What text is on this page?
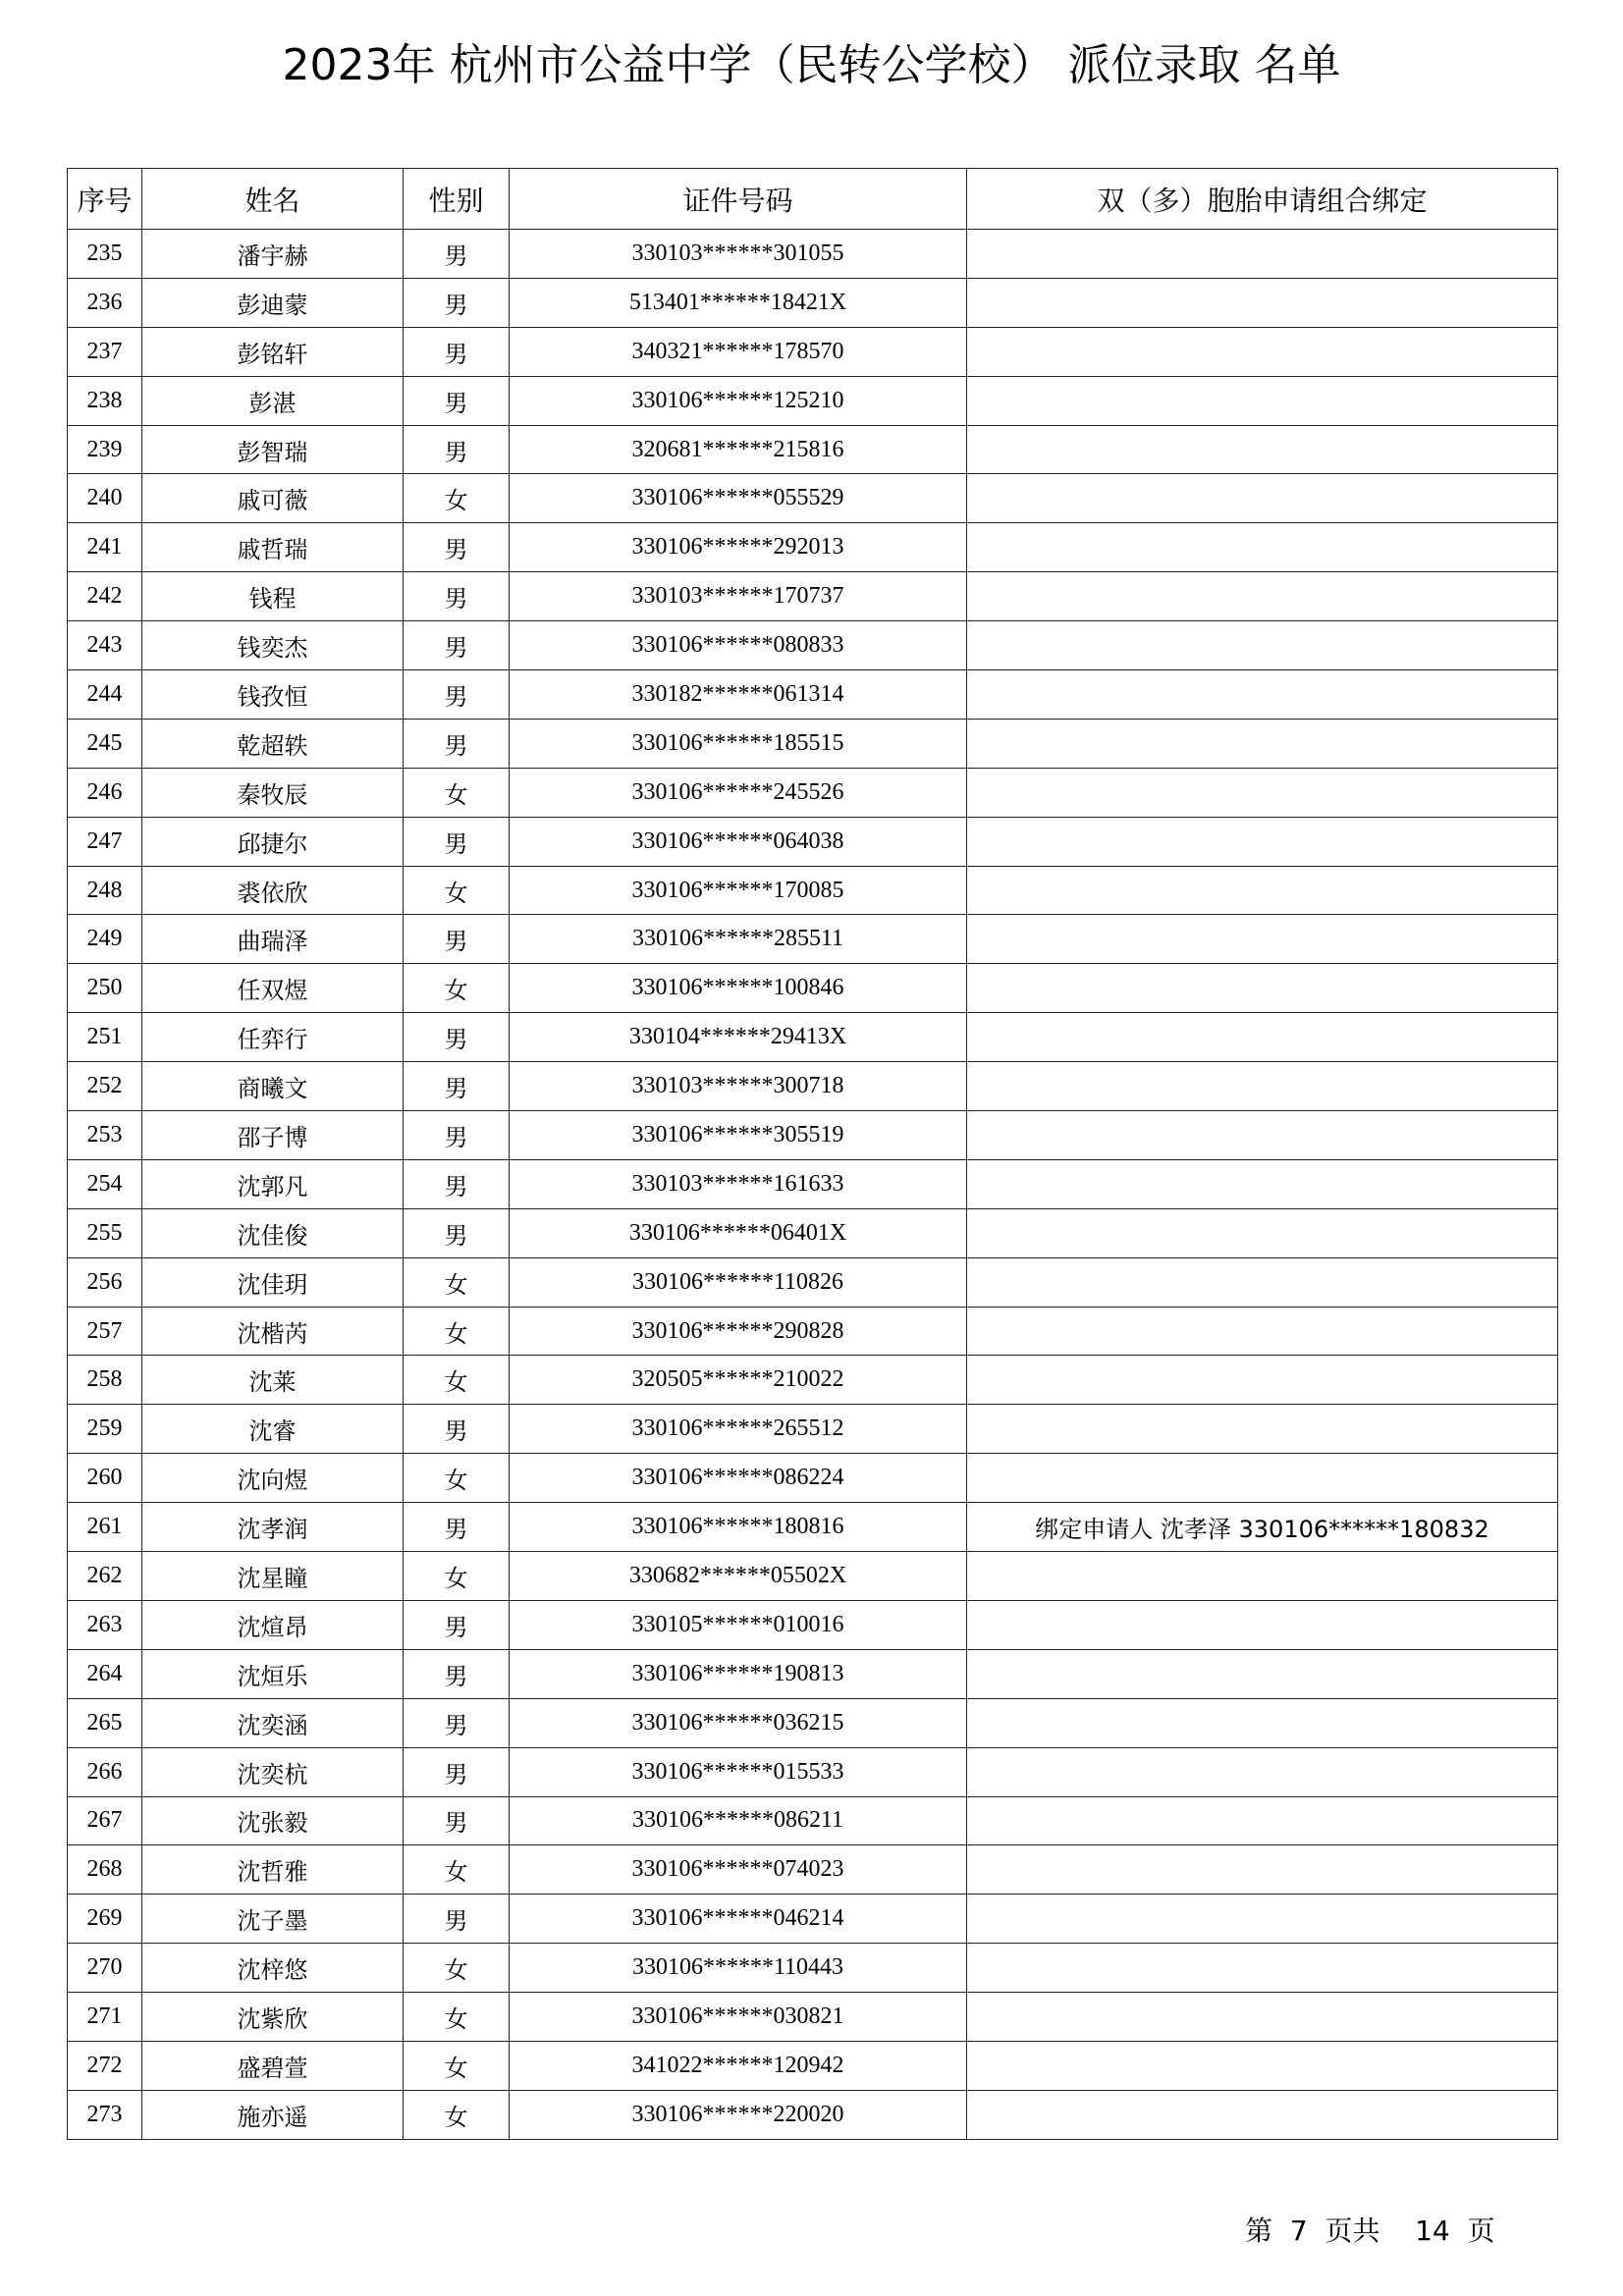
2023年 杭州市公益中学（民转公学校） 派位录取 名单
序号	姓名	性别	证件号码	双（多）胞胎申请组合绑定
235	潘宇赫	男	330103******301055	
236	彭迪蒙	男	513401******18421X	
237	彭铭轩	男	340321******178570	
238	彭湛	男	330106******125210	
239	彭智瑞	男	320681******215816	
240	戚可薇	女	330106******055529	
241	戚哲瑞	男	330106******292013	
242	钱程	男	330103******170737	
243	钱奕杰	男	330106******080833	
244	钱孜恒	男	330182******061314	
245	乾超轶	男	330106******185515	
246	秦牧辰	女	330106******245526	
247	邱捷尔	男	330106******064038	
248	裘依欣	女	330106******170085	
249	曲瑞泽	男	330106******285511	
250	任双煜	女	330106******100846	
251	任弈行	男	330104******29413X	
252	商曦文	男	330103******300718	
253	邵子博	男	330106******305519	
254	沈郭凡	男	330103******161633	
255	沈佳俊	男	330106******06401X	
256	沈佳玥	女	330106******110826	
257	沈楷芮	女	330106******290828	
258	沈莱	女	320505******210022	
259	沈睿	男	330106******265512	
260	沈向煜	女	330106******086224	
261	沈孝润	男	330106******180816	绑定申请人 沈孝泽 330106******180832
262	沈星瞳	女	330682******05502X	
263	沈煊昂	男	330105******010016	
264	沈烜乐	男	330106******190813	
265	沈奕涵	男	330106******036215	
266	沈奕杭	男	330106******015533	
267	沈张毅	男	330106******086211	
268	沈哲雅	女	330106******074023	
269	沈子墨	男	330106******046214	
270	沈梓悠	女	330106******110443	
271	沈紫欣	女	330106******030821	
272	盛碧萱	女	341022******120942	
273	施亦遥	女	330106******220020	
第 7 页共 14 页
